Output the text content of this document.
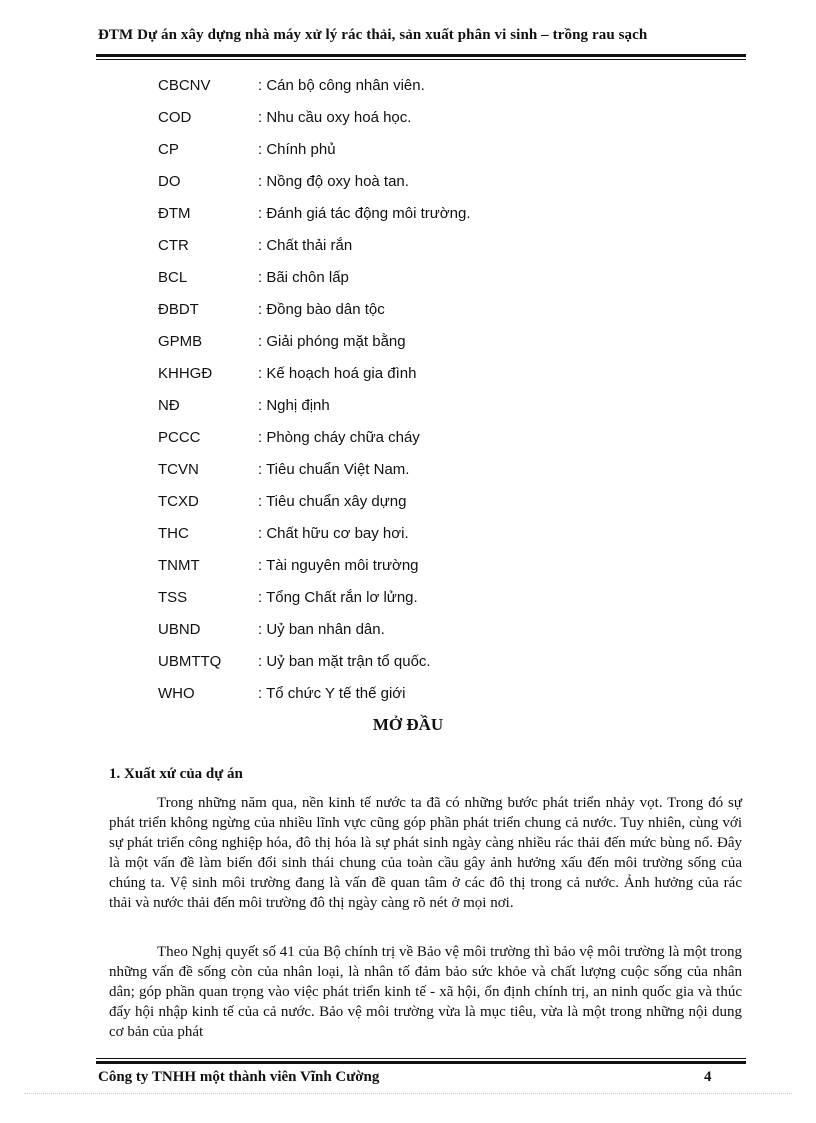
ĐTM Dự án xây dựng nhà máy xử lý rác thải, sản xuất phân vi sinh – trồng rau sạch
CBCNV	: Cán bộ công nhân viên.
COD	: Nhu cầu oxy hoá học.
CP	: Chính phủ
DO	: Nồng độ oxy hoà tan.
ĐTM	: Đánh giá tác động môi trường.
CTR	: Chất thải rắn
BCL	: Bãi chôn lấp
ĐBDT	: Đồng bào dân tộc
GPMB	: Giải phóng mặt bằng
KHHGĐ	: Kế hoạch hoá gia đình
NĐ	: Nghị định
PCCC	: Phòng cháy chữa cháy
TCVN	: Tiêu chuẩn Việt Nam.
TCXD	: Tiêu chuẩn xây dựng
THC	: Chất hữu cơ bay hơi.
TNMT	: Tài nguyên môi trường
TSS	: Tổng Chất rắn lơ lửng.
UBND	: Uỷ ban nhân dân.
UBMTTQ : Uỷ ban mặt trận tổ quốc.
WHO	: Tổ chức Y tế thế giới
MỞ ĐẦU
1. Xuất xứ của dự án

Trong những năm qua, nền kinh tế nước ta đã có những bước phát triển nhảy vọt. Trong đó sự phát triển không ngừng của nhiều lĩnh vực cũng góp phần phát triển chung cả nước. Tuy nhiên, cùng với sự phát triển công nghiệp hóa, đô thị hóa là sự phát sinh ngày càng nhiều rác thải đến mức bùng nổ. Đây là một vấn đề làm biến đổi sinh thái chung của toàn cầu gây ảnh hưởng xấu đến môi trường sống của chúng ta. Vệ sinh môi trường đang là vấn đề quan tâm ở các đô thị trong cả nước. Ảnh hưởng của rác thải và nước thải đến môi trường đô thị ngày càng rõ nét ở mọi nơi.

Theo Nghị quyết số 41 của Bộ chính trị về Bảo vệ môi trường thì bảo vệ môi trường là một trong những vấn đề sống còn của nhân loại, là nhân tố đảm bảo sức khỏe và chất lượng cuộc sống của nhân dân; góp phần quan trọng vào việc phát triển kinh tế - xã hội, ổn định chính trị, an ninh quốc gia và thúc đẩy hội nhập kinh tế của cả nước. Bảo vệ môi trường vừa là mục tiêu, vừa là một trong những nội dung cơ bản của phát

Công ty TNHH một thành viên Vĩnh Cường	4
